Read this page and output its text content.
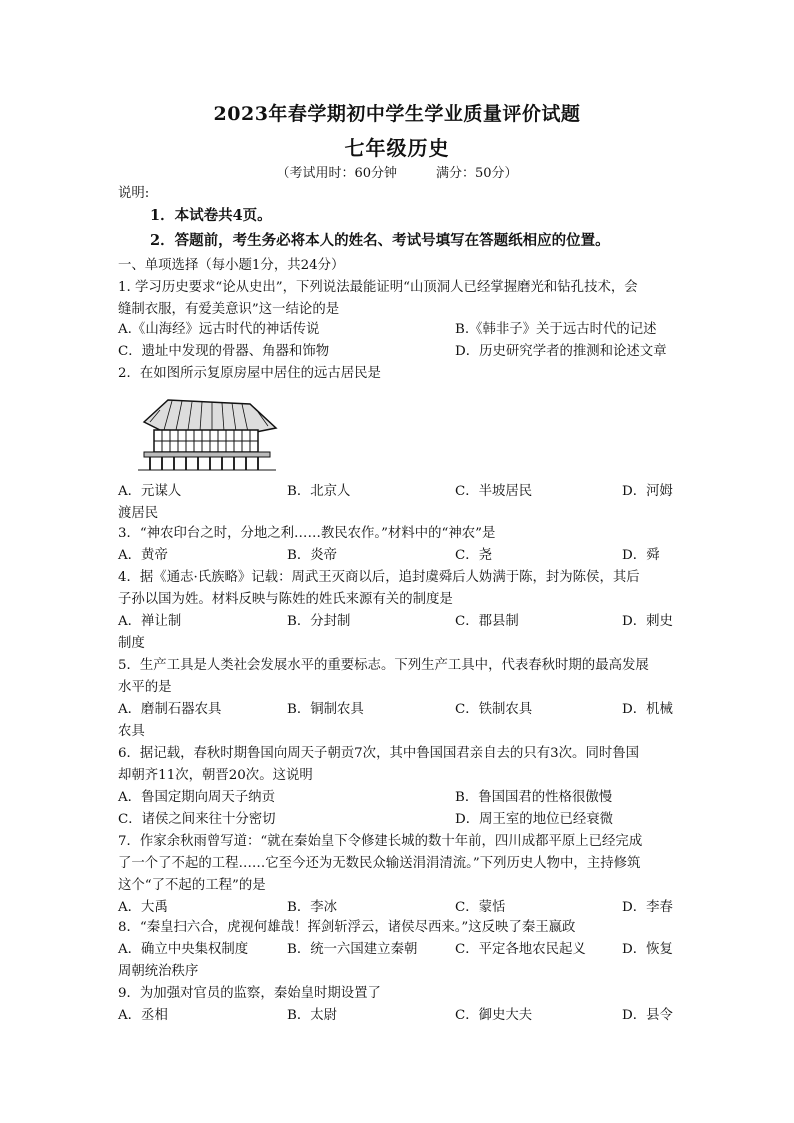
2023年春学期初中学生学业质量评价试题
七年级历史
（考试用时：60分钟　　　满分：50分）
说明:
1．本试卷共4页。
2．答题前，考生务必将本人的姓名、考试号填写在答题纸相应的位置。
一、单项选择（每小题1分，共24分）
1. 学习历史要求“论从史出”，下列说法最能证明“山顶洞人已经掌握磨光和钻孔技术，会
缝制衣服，有爱美意识”这一结论的是
A.《山海经》远古时代的神话传说	B.《韩非子》关于远古时代的记述
C．遗址中发现的骨器、角器和饰物	D．历史研究学者的推测和论述文章
2．在如图所示复原房屋中居住的远古居民是
A．元谋人	B．北京人	C．半坡居民	D．河姆
渡居民
3．“神农印台之时，分地之利……教民农作。”材料中的“神农”是
A．黄帝	B．炎帝	C．尧	D．舜
4．据《通志·氏族略》记载：周武王灭商以后，追封虞舜后人妫满于陈，封为陈侯，其后
子孙以国为姓。材料反映与陈姓的姓氏来源有关的制度是
A．禅让制	B．分封制	C．郡县制	D．刺史
制度
5．生产工具是人类社会发展水平的重要标志。下列生产工具中，代表春秋时期的最高发展
水平的是
A．磨制石器农具	B．铜制农具	C．铁制农具	D．机械
农具
6．据记载，春秋时期鲁国向周天子朝贡7次，其中鲁国国君亲自去的只有3次。同时鲁国
却朝齐11次，朝晋20次。这说明
A．鲁国定期向周天子纳贡	B．鲁国国君的性格很傲慢
C．诸侯之间来往十分密切	D．周王室的地位已经衰微
7．作家余秋雨曾写道：“就在秦始皇下令修建长城的数十年前，四川成都平原上已经完成
了一个了不起的工程……它至今还为无数民众输送涓涓清流。”下列历史人物中，主持修筑
这个“了不起的工程”的是
A．大禹	B．李冰	C．蒙恬	D．李春
8．“秦皇扫六合，虎视何雄哉！挥剑斩浮云，诸侯尽西来。”这反映了秦王嬴政
A．确立中央集权制度	B．统一六国建立秦朝	C．平定各地农民起义	D．恢复
周朝统治秩序
9．为加强对官员的监察，秦始皇时期设置了
A．丞相	B．太尉	C．御史大夫	D．县令
